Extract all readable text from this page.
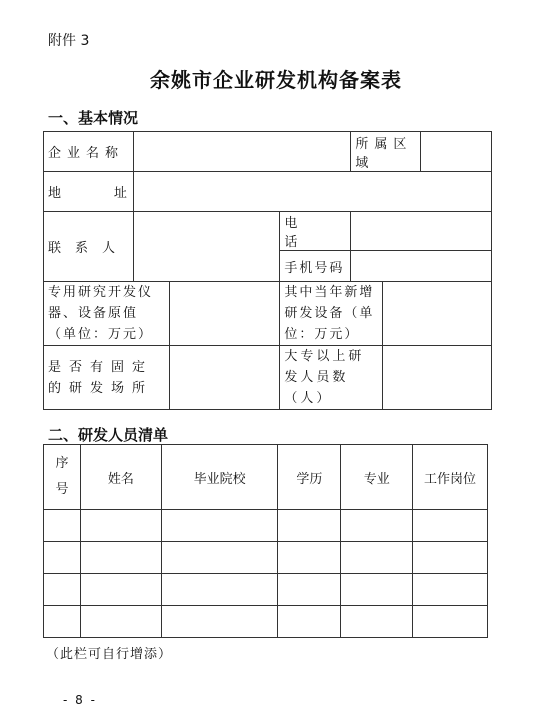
附件 3
余姚市企业研发机构备案表
一、基本情况
企业名称				所属区域		

地 址						

联系人			电话			
			手机号码			
专用研究开发仪器、设备原值（单位：万元）			其中当年新增研发设备（单位：万元）			
是否有固定的研发场所			大专以上研发人员数（人）			
二、研发人员清单
序
号	姓名	毕业院校	学历	专业	工作岗位

（此栏可自行增添）
- 8 -
